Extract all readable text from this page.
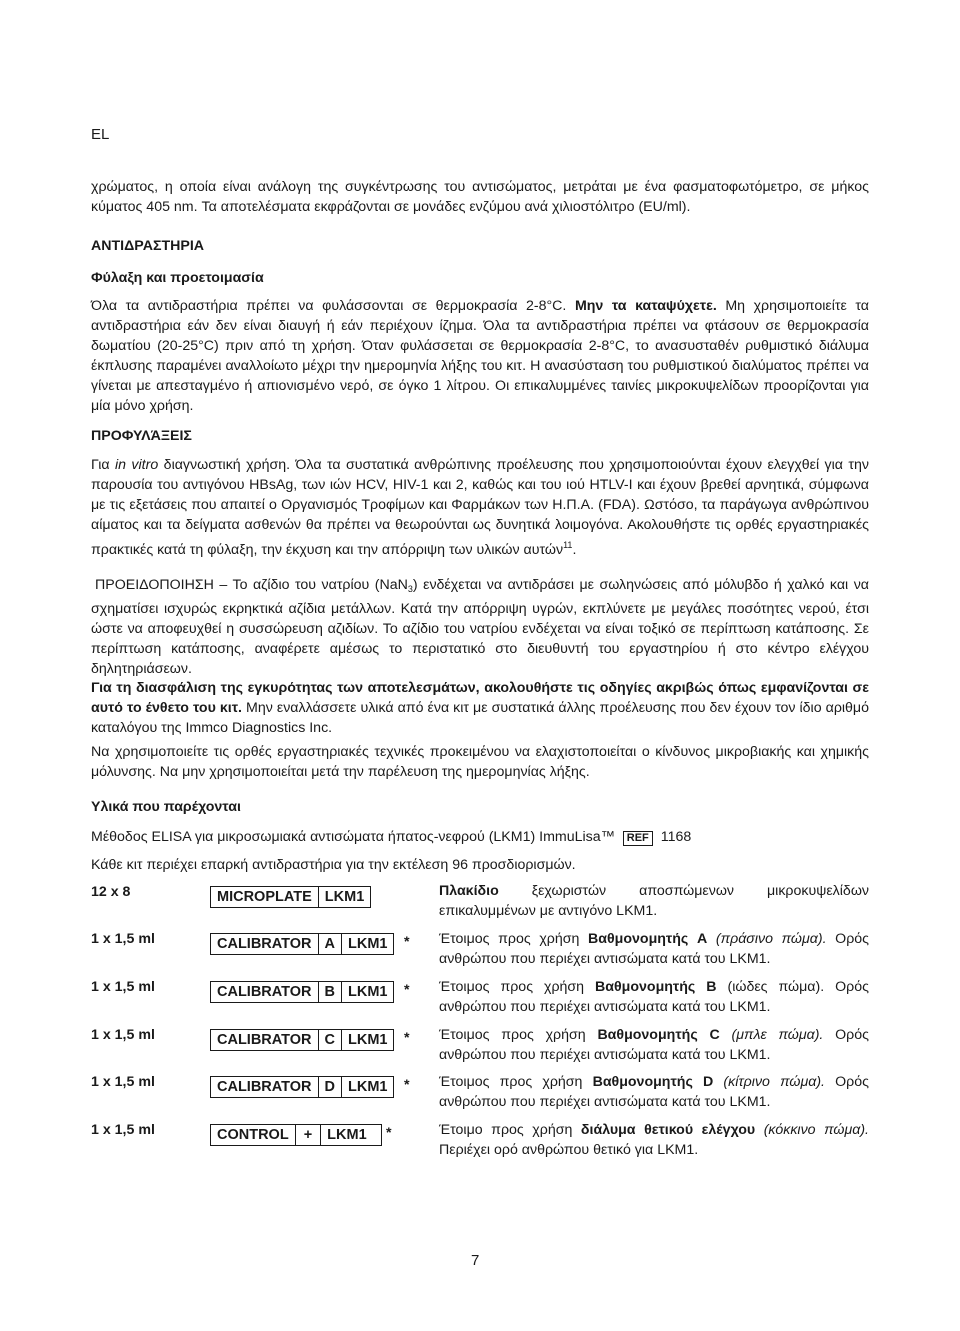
EL

χρώματος, η οποία είναι ανάλογη της συγκέντρωσης του αντισώματος, μετράται με ένα φασματοφωτόμετρο, σε μήκος κύματος 405 nm. Τα αποτελέσματα εκφράζονται σε μονάδες ενζύμου ανά χιλιοστόλιτρο (EU/ml).

ΑΝΤΙΔΡΑΣΤΗΡΙΑ
Φύλαξη και προετοιμασία

Όλα τα αντιδραστήρια πρέπει να φυλάσσονται σε θερμοκρασία 2-8°C. Μην τα καταψύχετε. Μη χρησιμοποιείτε τα αντιδραστήρια εάν δεν είναι διαυγή ή εάν περιέχουν ίζημα. Όλα τα αντιδραστήρια πρέπει να φτάσουν σε θερμοκρασία δωματίου (20-25°C) πριν από τη χρήση. Όταν φυλάσσεται σε θερμοκρασία 2-8°C, το ανασυσταθέν ρυθμιστικό διάλυμα έκπλυσης παραμένει αναλλοίωτο μέχρι την ημερομηνία λήξης του κιτ. Η ανασύσταση του ρυθμιστικού διαλύματος πρέπει να γίνεται με απεσταγμένο ή απιονισμένο νερό, σε όγκο 1 λίτρου. Οι επικαλυμμένες ταινίες μικροκυψελίδων προορίζονται για μία μόνο χρήση.

ΠΡΟΦΥΛΆΞΕΙΣ

Για in vitro διαγνωστική χρήση. Όλα τα συστατικά ανθρώπινης προέλευσης που χρησιμοποιούνται έχουν ελεγχθεί για την παρουσία του αντιγόνου HBsAg, των ιών HCV, HIV-1 και 2, καθώς και του ιού HTLV-I και έχουν βρεθεί αρνητικά, σύμφωνα με τις εξετάσεις που απαιτεί ο Οργανισμός Τροφίμων και Φαρμάκων των Η.Π.Α. (FDA). Ωστόσο, τα παράγωγα ανθρώπινου αίματος και τα δείγματα ασθενών θα πρέπει να θεωρούνται ως δυνητικά λοιμογόνα. Ακολουθήστε τις ορθές εργαστηριακές πρακτικές κατά τη φύλαξη, την έκχυση και την απόρριψη των υλικών αυτών$^{11}$.

ΠΡΟΕΙΔΟΠΟΙΗΣΗ – Το αζίδιο του νατρίου (NaN$_3$) ενδέχεται να αντιδράσει με σωληνώσεις από μόλυβδο ή χαλκό και να σχηματίσει ισχυρώς εκρηκτικά αζίδια μετάλλων. Κατά την απόρριψη υγρών, εκπλύνετε με μεγάλες ποσότητες νερού, έτσι ώστε να αποφευχθεί η συσσώρευση αζιδίων. Το αζίδιο του νατρίου ενδέχεται να είναι τοξικό σε περίπτωση κατάποσης. Σε περίπτωση κατάποσης, αναφέρετε αμέσως το περιστατικό στο διευθυντή του εργαστηρίου ή στο κέντρο ελέγχου δηλητηριάσεων.

Για τη διασφάλιση της εγκυρότητας των αποτελεσμάτων, ακολουθήστε τις οδηγίες ακριβώς όπως εμφανίζονται σε αυτό το ένθετο του κιτ. Μην εναλλάσσετε υλικά από ένα κιτ με συστατικά άλλης προέλευσης που δεν έχουν τον ίδιο αριθμό καταλόγου της Immco Diagnostics Inc.

Να χρησιμοποιείτε τις ορθές εργαστηριακές τεχνικές προκειμένου να ελαχιστοποιείται ο κίνδυνος μικροβιακής και χημικής μόλυνσης. Να μην χρησιμοποιείται μετά την παρέλευση της ημερομηνίας λήξης.

Υλικά που παρέχονται
Μέθοδος ELISA για μικροσωμιακά αντισώματα ήπατος-νεφρού (LKM1) ImmuLisa™ REF 1168
Κάθε κιτ περιέχει επαρκή αντιδραστήρια για την εκτέλεση 96 προσδιορισμών.
12 x 8	MICROPLATE LKM1	Πλακίδιο ξεχωριστών αποσπώμενων μικροκυψελίδων επικαλυμμένων με αντιγόνο LKM1.

1 x 1,5 ml	CALIBRATOR A LKM1	* Έτοιμος προς χρήση Βαθμονομητής A (πράσινο πώμα). Ορός ανθρώπου που περιέχει αντισώματα κατά του LKM1.

1 x 1,5 ml	CALIBRATOR B LKM1	* Έτοιμος προς χρήση Βαθμονομητής B (ιώδες πώμα). Ορός ανθρώπου που περιέχει αντισώματα κατά του LKM1.

1 x 1,5 ml	CALIBRATOR C LKM1	* Έτοιμος προς χρήση Βαθμονομητής C (μπλε πώμα). Ορός ανθρώπου που περιέχει αντισώματα κατά του LKM1.

1 x 1,5 ml	CALIBRATOR D LKM1	* Έτοιμος προς χρήση Βαθμονομητής D (κίτρινο πώμα). Ορός ανθρώπου που περιέχει αντισώματα κατά του LKM1.

1 x 1,5 ml	CONTROL	+	LKM1	*	Έτοιμο προς χρήση διάλυμα θετικού ελέγχου (κόκκινο πώμα). Περιέχει ορό ανθρώπου θετικό για LKM1.

7
